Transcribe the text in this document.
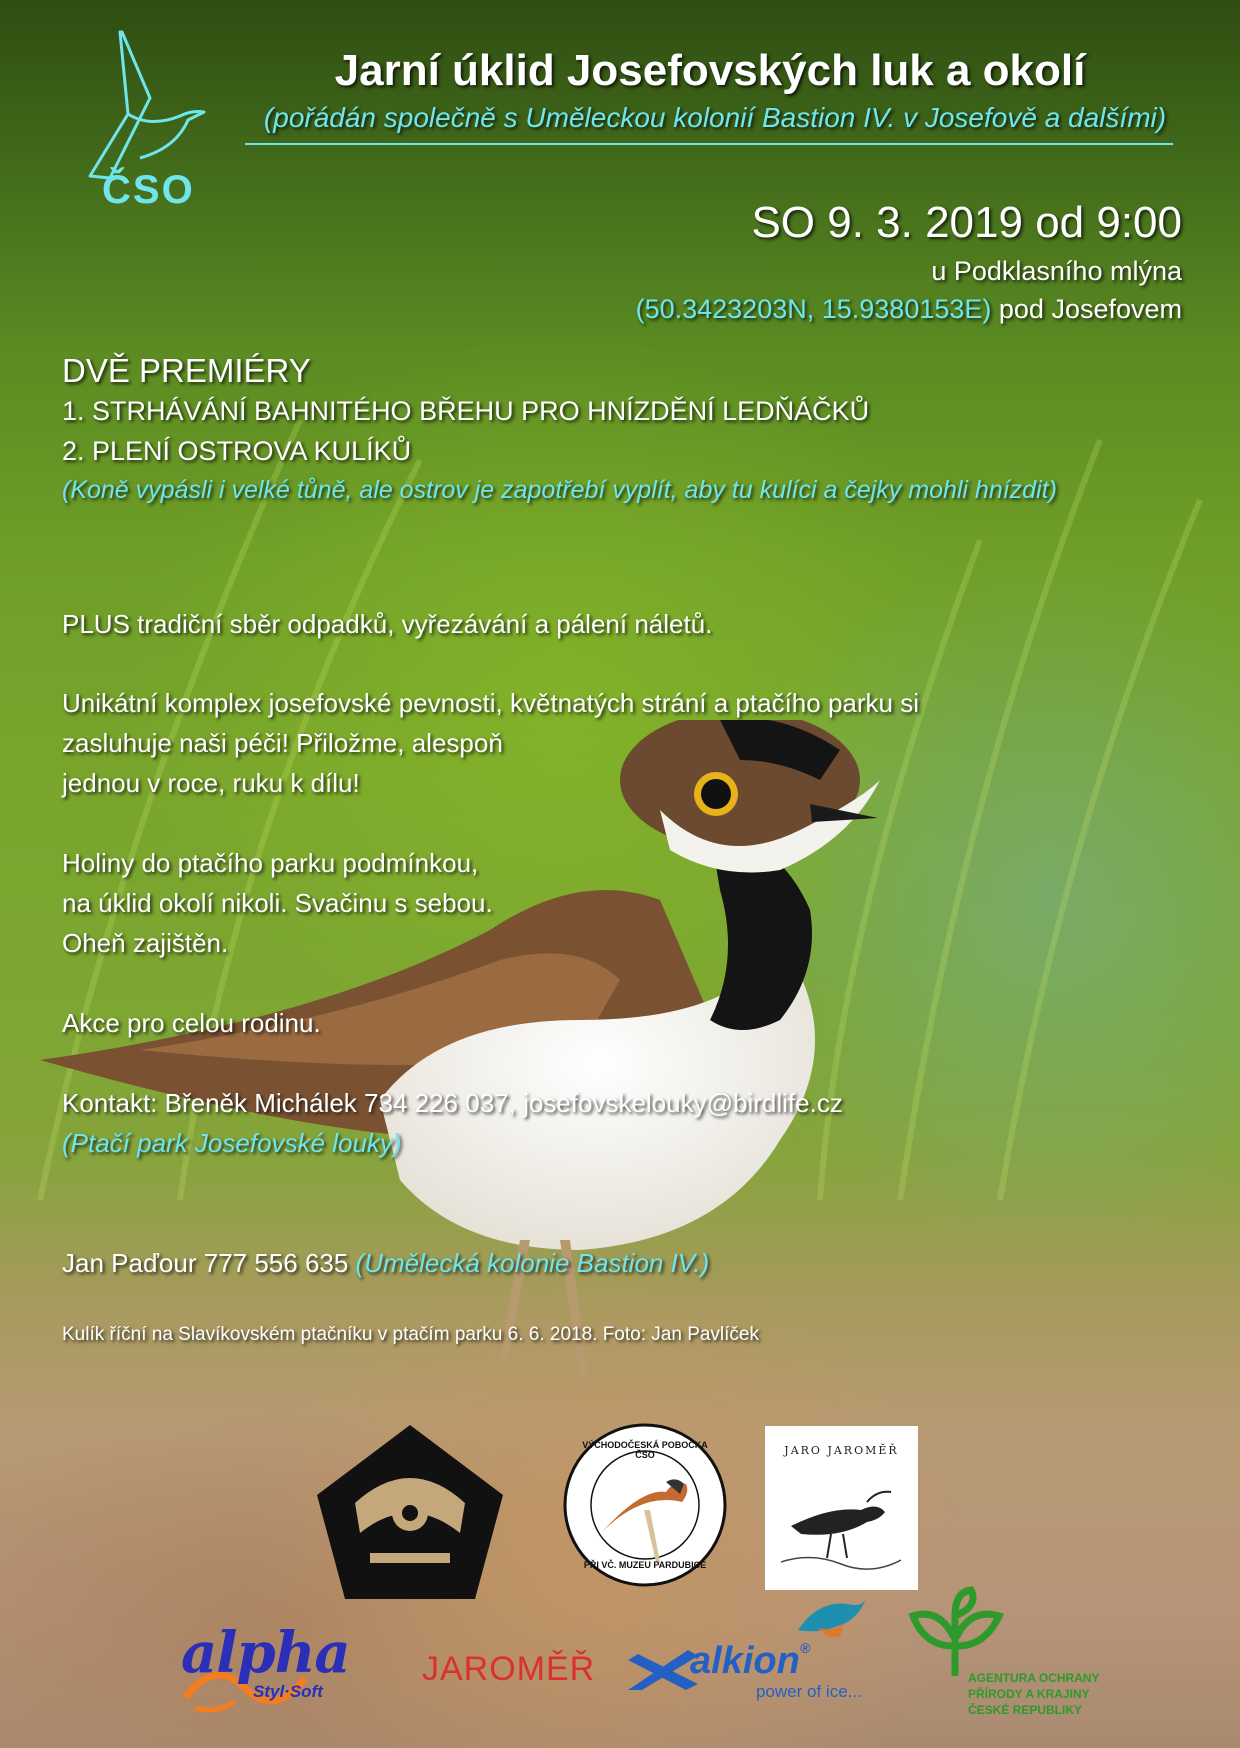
ČSO
Jarní úklid Josefovských luk a okolí
(pořádán společně s Uměleckou kolonií Bastion IV. v Josefově a dalšími)
SO 9. 3. 2019 od 9:00
u Podklasního mlýna
(50.3423203N, 15.9380153E) pod Josefovem
DVĚ PREMIÉRY
1. STRHÁVÁNÍ BAHNITÉHO BŘEHU PRO HNÍZDĚNÍ LEDŇÁČKŮ
2. PLENÍ OSTROVA KULÍKŮ
(Koně vypásli i velké tůně, ale ostrov je zapotřebí vyplít, aby tu kulíci a čejky mohli hnízdit)
PLUS tradiční sběr odpadků, vyřezávání a pálení náletů.
Unikátní komplex josefovské pevnosti, květnatých strání a ptačího parku si
zasluhuje naši péči! Přiložme, alespoň
jednou v roce, ruku k dílu!
Holiny do ptačího parku podmínkou,
na úklid okolí nikoli. Svačinu s sebou.
Oheň zajištěn.
Akce pro celou rodinu.
Kontakt: Břeněk Michálek 734 226 037, josefovskelouky@birdlife.cz
(Ptačí park Josefovské louky)
Jan Paďour 777 556 635 (Umělecká kolonie Bastion IV.)
Kulík říční na Slavíkovském ptačníku v ptačím parku 6. 6. 2018. Foto: Jan Pavlíček
VÝCHODOČESKÁ POBOČKA ČSO
PŘI VČ. MUZEU PARDUBICE
JARO JAROMĚŘ
alpha
Styl·Soft
JAROMĚŘ alkion®
power of ice...
AGENTURA OCHRANY
PŘÍRODY A KRAJINY
ČESKÉ REPUBLIKY
